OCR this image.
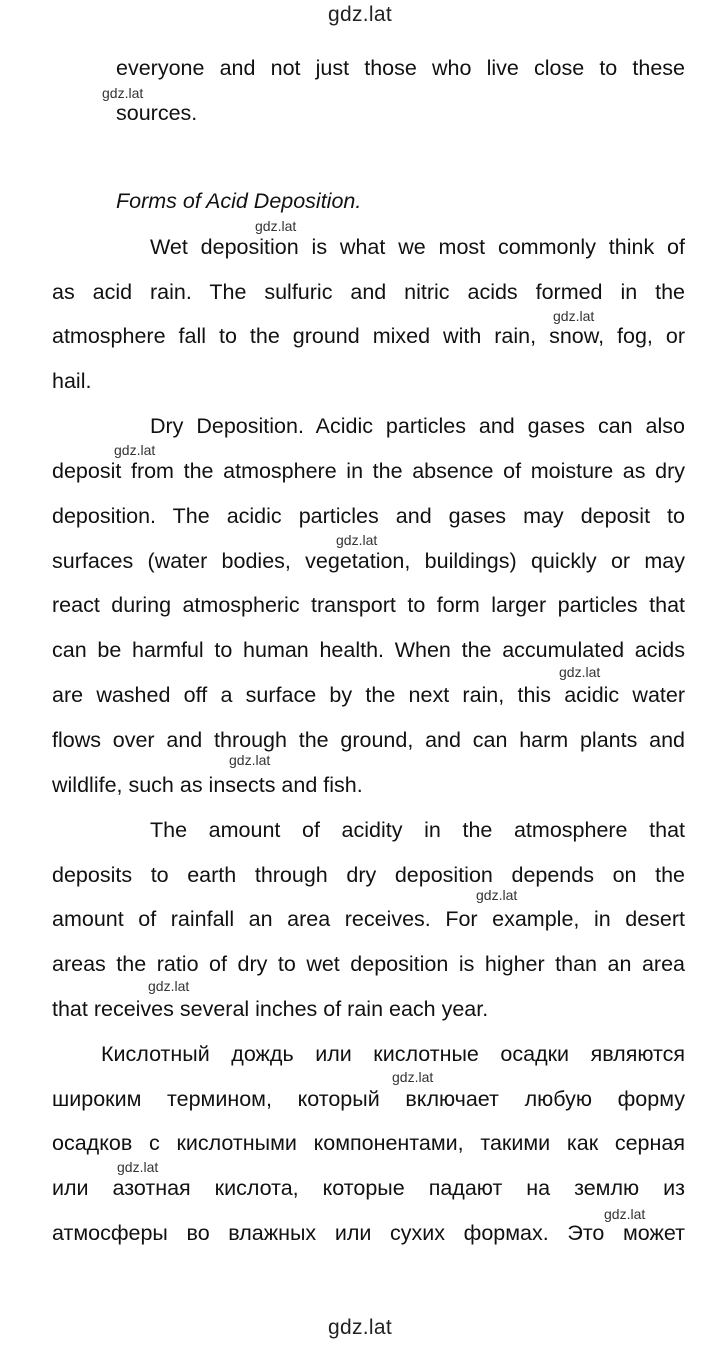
gdz.lat
everyone and not just those who live close to these
sources.
Forms of Acid Deposition.
Wet deposition is what we most commonly think of
as acid rain. The sulfuric and nitric acids formed in the
atmosphere fall to the ground mixed with rain, snow, fog, or
hail.
Dry Deposition. Acidic particles and gases can also
deposit from the atmosphere in the absence of moisture as dry
deposition. The acidic particles and gases may deposit to
surfaces (water bodies, vegetation, buildings) quickly or may
react during atmospheric transport to form larger particles that
can be harmful to human health. When the accumulated acids
are washed off a surface by the next rain, this acidic water
flows over and through the ground, and can harm plants and
wildlife, such as insects and fish.
The amount of acidity in the atmosphere that
deposits to earth through dry deposition depends on the
amount of rainfall an area receives. For example, in desert
areas the ratio of dry to wet deposition is higher than an area
that receives several inches of rain each year.
Кислотный дождь или кислотные осадки являются
широким термином, который включает любую форму
осадков с кислотными компонентами, такими как серная
или азотная кислота, которые падают на землю из
атмосферы во влажных или сухих формах. Это может
gdz.lat
gdz.lat
gdz.lat
gdz.lat
gdz.lat
gdz.lat
gdz.lat
gdz.lat
gdz.lat
gdz.lat
gdz.lat
gdz.lat
gdz.lat
